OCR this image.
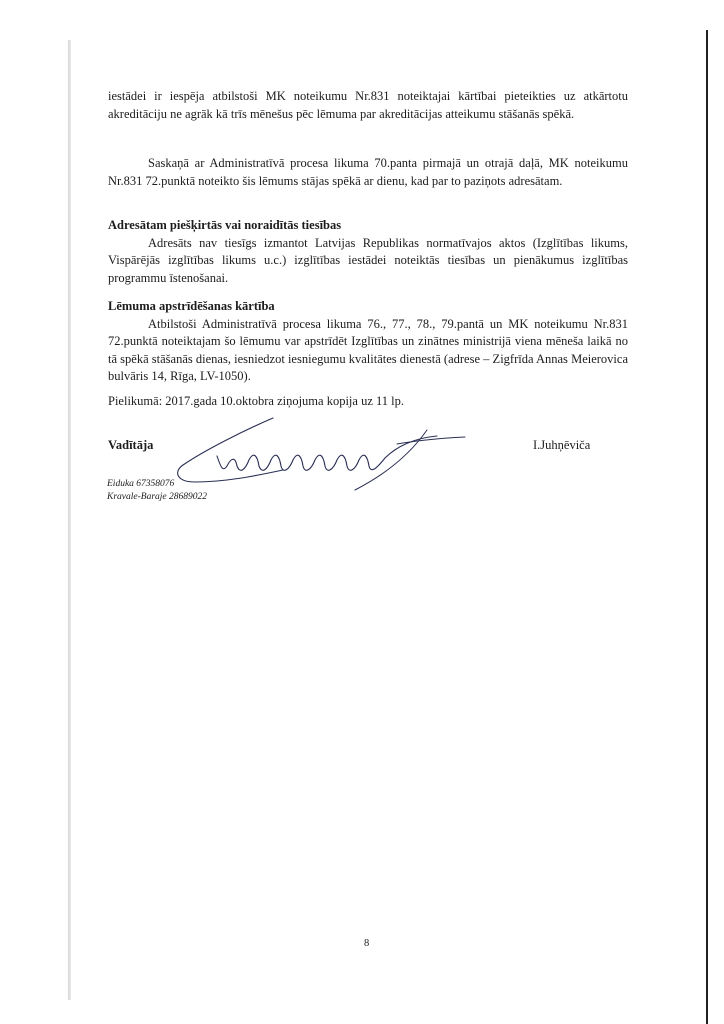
iestādei ir iespēja atbilstoši MK noteikumu Nr.831 noteiktajai kārtībai pieteikties uz atkārtotu akreditāciju ne agrāk kā trīs mēnešus pēc lēmuma par akreditācijas atteikumu stāšanās spēkā.

Saskaņā ar Administratīvā procesa likuma 70.panta pirmajā un otrajā daļā, MK noteikumu Nr.831 72.punktā noteikto šis lēmums stājas spēkā ar dienu, kad par to paziņots adresātam.

Adresātam piešķirtās vai noraidītās tiesības

Adresāts nav tiesīgs izmantot Latvijas Republikas normatīvajos aktos (Izglītības likums, Vispārējās izglītības likums u.c.) izglītības iestādei noteiktās tiesības un pienākumus izglītības programmu īstenošanai.

Lēmuma apstrīdēšanas kārtība

Atbilstoši Administratīvā procesa likuma 76., 77., 78., 79.pantā un MK noteikumu Nr.831 72.punktā noteiktajam šo lēmumu var apstrīdēt Izglītības un zinātnes ministrijā viena mēneša laikā no tā spēkā stāšanās dienas, iesniedzot iesniegumu kvalitātes dienestā (adrese – Zigfrīda Annas Meierovica bulvāris 14, Rīga, LV-1050).

Pielikumā: 2017.gada 10.oktobra ziņojuma kopija uz 11 lp.

Vadītāja	I.Juhņēviča
Eiduka 67358076
Kravale-Baraje 28689022
8
